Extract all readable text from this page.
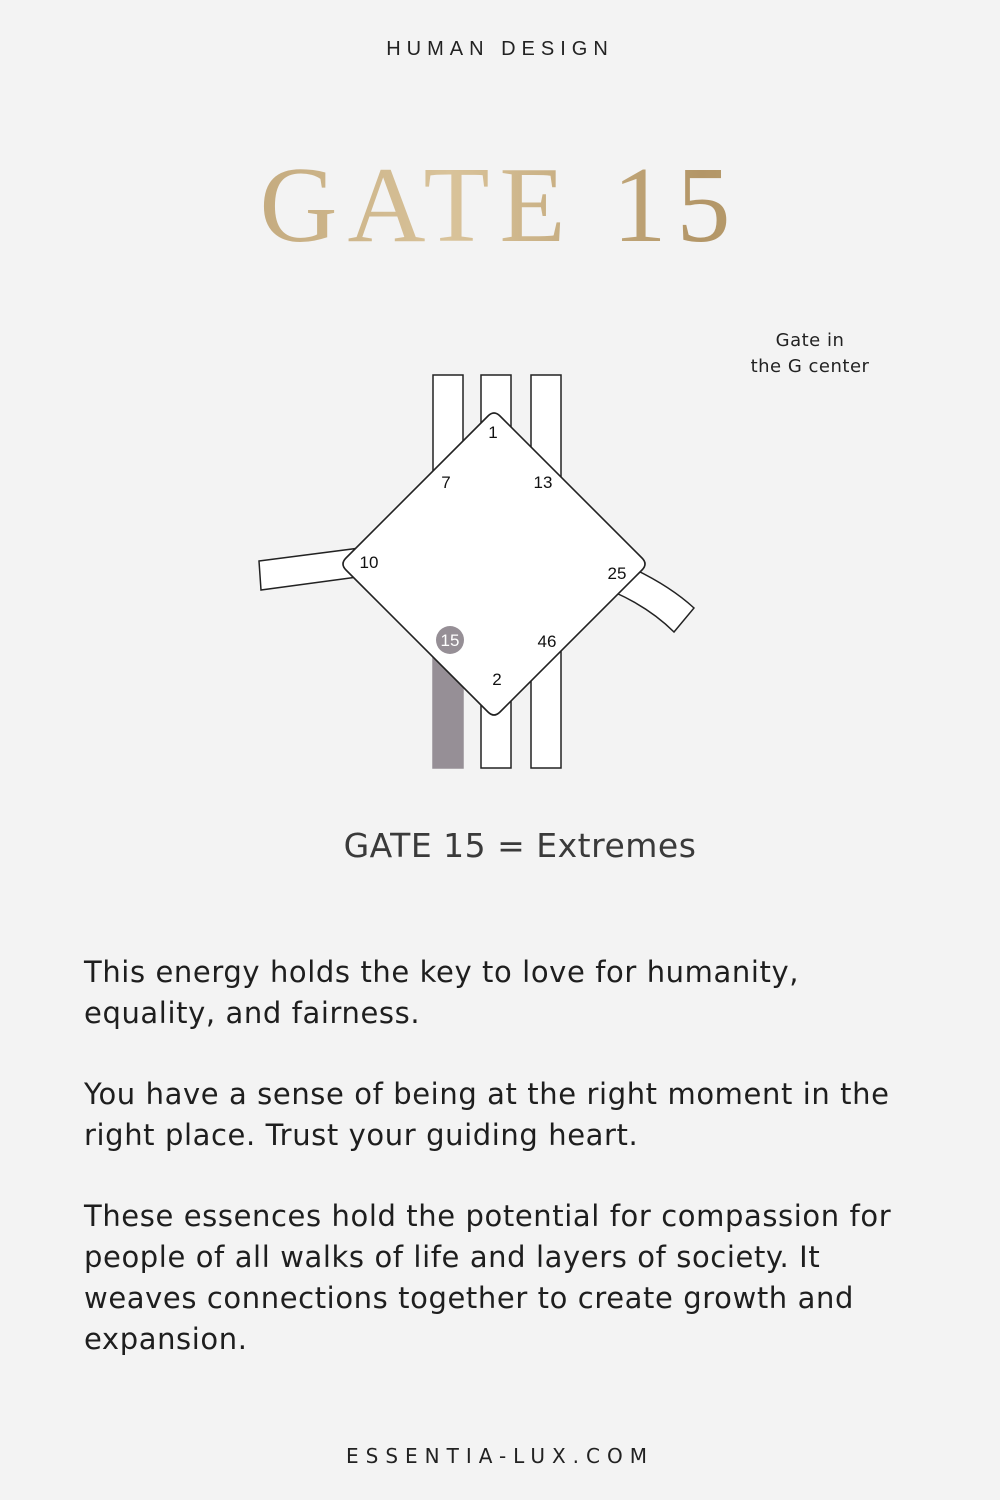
HUMAN DESIGN
GATE 15
1
7	13
10
25
15	46
2
Gate in
the G center
GATE 15 = Extremes

This energy holds the key to love for humanity, equality, and fairness.

You have a sense of being at the right moment in the right place. Trust your guiding heart.

These essences hold the potential for compassion for people of all walks of life and layers of society. It weaves connections together to create growth and expansion.

ESSENTIA-LUX.COM
